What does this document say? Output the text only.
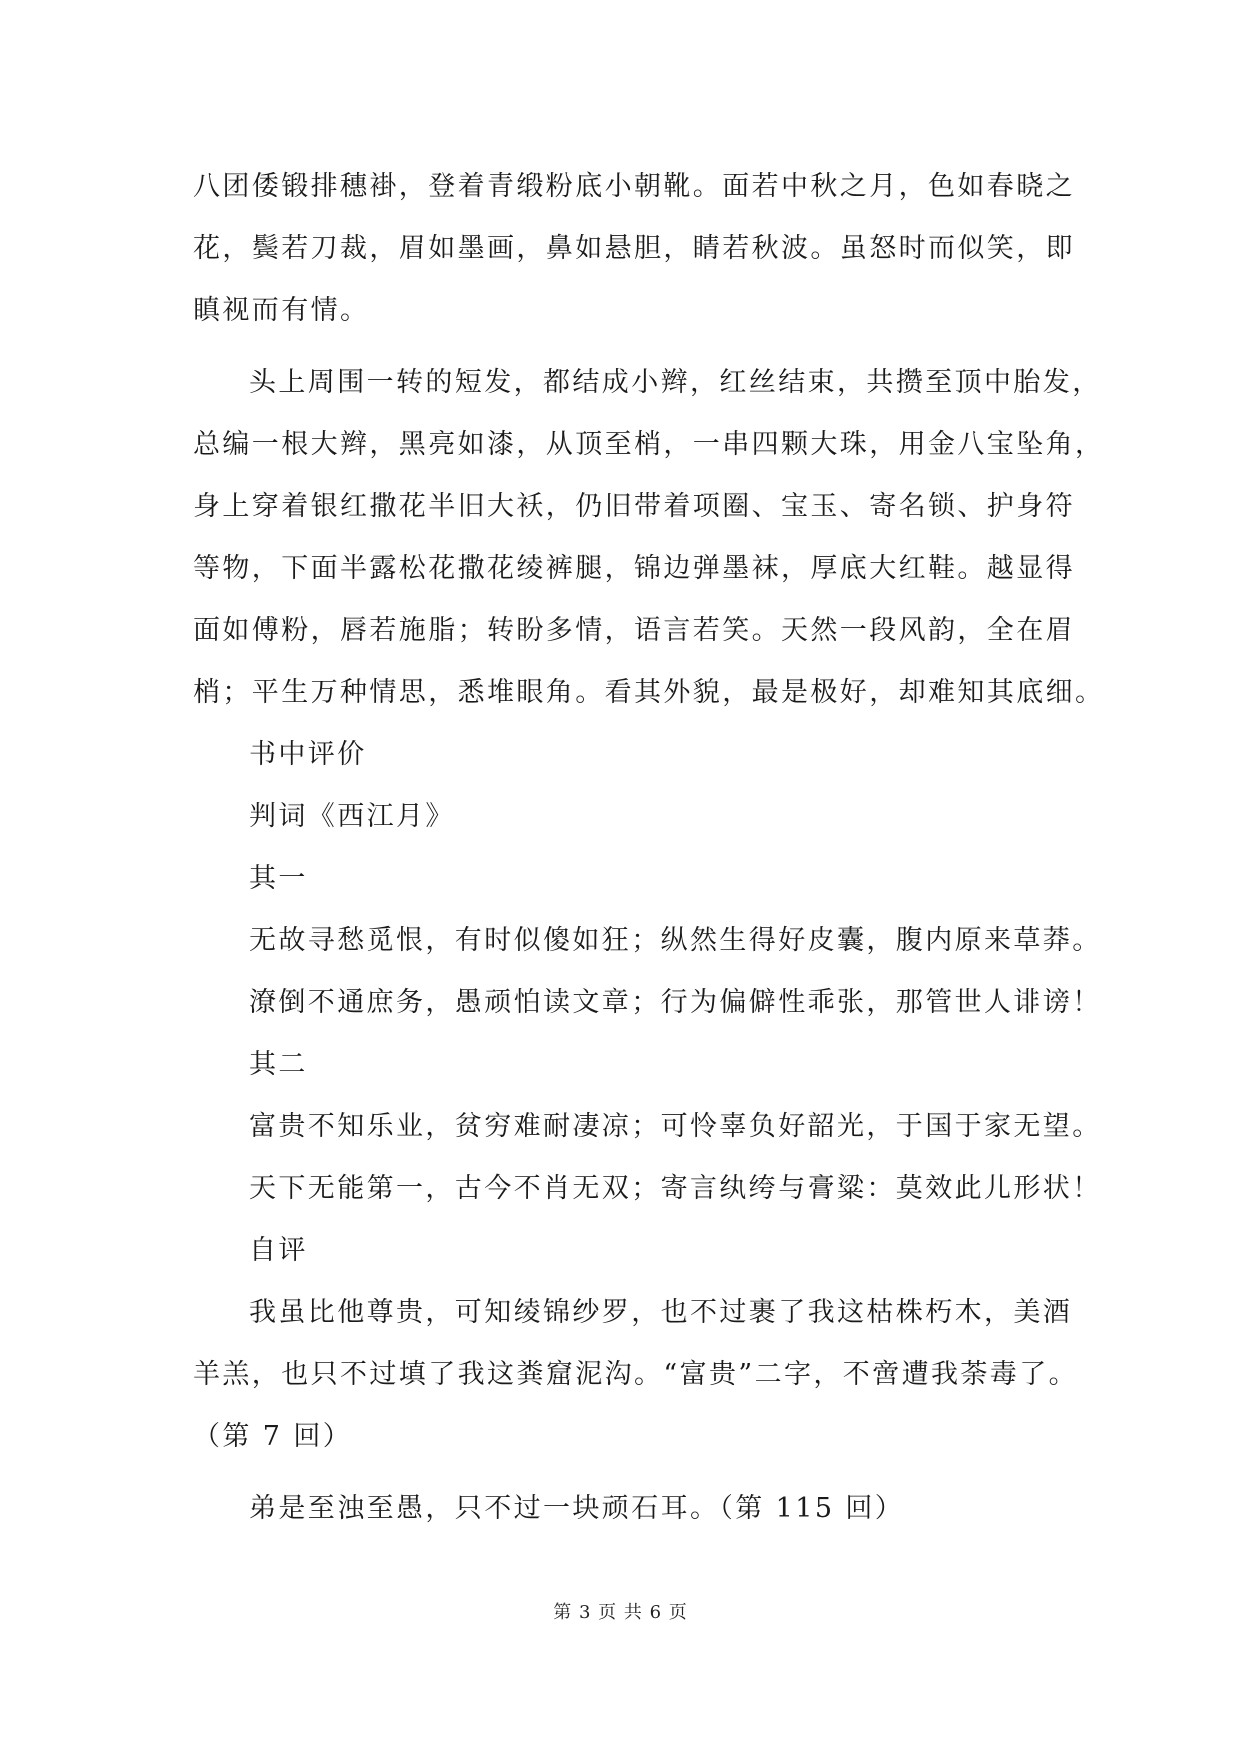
八团倭锻排穗褂，登着青缎粉底小朝靴。面若中秋之月，色如春晓之

花，鬓若刀裁，眉如墨画，鼻如悬胆，睛若秋波。虽怒时而似笑，即

瞋视而有情。

头上周围一转的短发，都结成小辫，红丝结束，共攒至顶中胎发，

总编一根大辫，黑亮如漆，从顶至梢，一串四颗大珠，用金八宝坠角，

身上穿着银红撒花半旧大袄，仍旧带着项圈、宝玉、寄名锁、护身符

等物，下面半露松花撒花绫裤腿，锦边弹墨袜，厚底大红鞋。越显得

面如傅粉，唇若施脂；转盼多情，语言若笑。天然一段风韵，全在眉

梢；平生万种情思，悉堆眼角。看其外貌，最是极好，却难知其底细。

书中评价

判词《西江月》

其一

无故寻愁觅恨，有时似傻如狂；纵然生得好皮囊，腹内原来草莽。

潦倒不通庶务，愚顽怕读文章；行为偏僻性乖张，那管世人诽谤！

其二

富贵不知乐业，贫穷难耐凄凉；可怜辜负好韶光，于国于家无望。

天下无能第一，古今不肖无双；寄言纨绔与膏粱：莫效此儿形状！

自评

我虽比他尊贵，可知绫锦纱罗，也不过裹了我这枯株朽木，美酒

羊羔，也只不过填了我这粪窟泥沟。“富贵”二字，不啻遭我荼毒了。

（第 7 回）

弟是至浊至愚，只不过一块顽石耳。（第 115 回）

第 3 页 共 6 页
